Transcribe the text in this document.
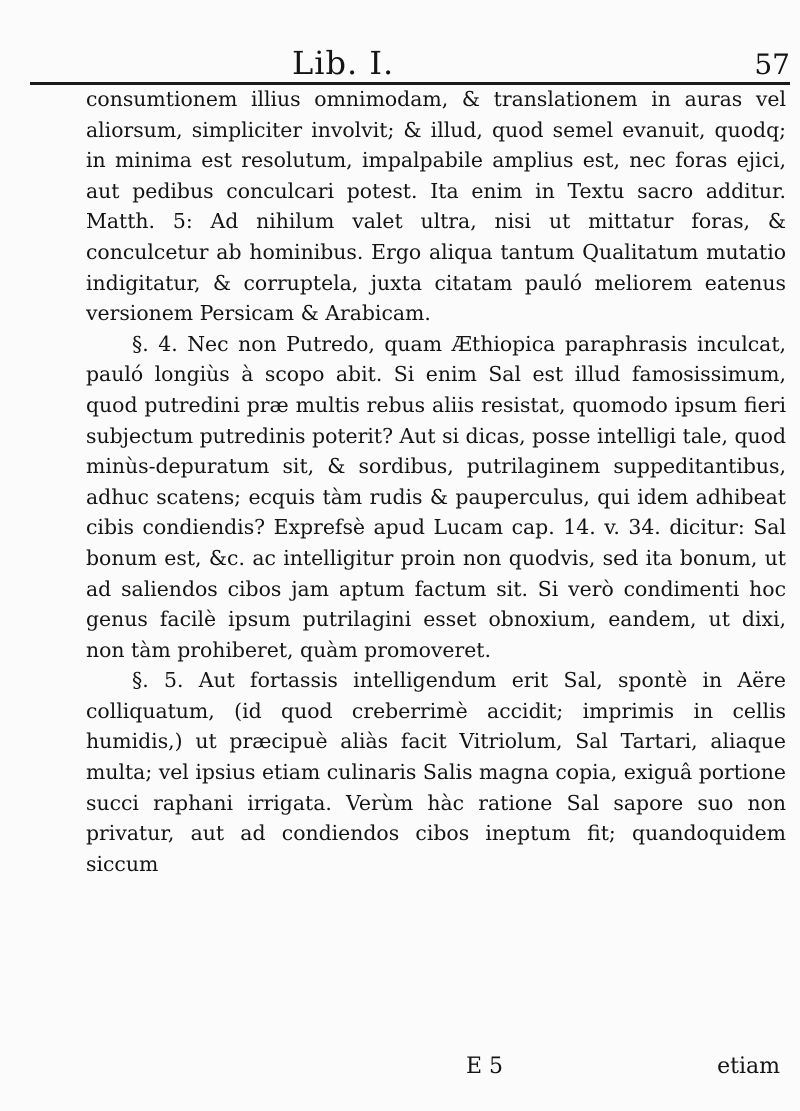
Lib. I.	57

consumtionem illius omnimodam, & translationem in auras vel aliorsum, simpliciter involvit; & illud, quod semel evanuit, quodq; in minima est resolutum, impalpabile amplius est, nec foras ejici, aut pedibus conculcari potest. Ita enim in Textu sacro additur. Matth. 5: Ad nihilum valet ultra, nisi ut mittatur foras, & conculcetur ab hominibus. Ergo aliqua tantum Qualitatum mutatio indigitatur, & corruptela, juxta citatam pauló meliorem eatenus versionem Persicam & Arabicam.

§. 4. Nec non Putredo, quam Æthiopica paraphrasis inculcat, pauló longiùs à scopo abit. Si enim Sal est illud famosissimum, quod putredini præ multis rebus aliis resistat, quomodo ipsum fieri subjectum putredinis poterit? Aut si dicas, posse intelligi tale, quod minùs-depuratum sit, & sordibus, putrilaginem suppeditantibus, adhuc scatens; ecquis tàm rudis & pauperculus, qui idem adhibeat cibis condiendis? Exprefsè apud Lucam cap. 14. v. 34. dicitur: Sal bonum est, &c. ac intelligitur proin non quodvis, sed ita bonum, ut ad saliendos cibos jam aptum factum sit. Si verò condimenti hoc genus facilè ipsum putrilagini esset obnoxium, eandem, ut dixi, non tàm prohiberet, quàm promoveret.

§. 5. Aut fortassis intelligendum erit Sal, spontè in Aëre colliquatum, (id quod creberrimè accidit; imprimis in cellis humidis,) ut præcipuè aliàs facit Vitriolum, Sal Tartari, aliaque multa; vel ipsius etiam culinaris Salis magna copia, exiguâ portione succi raphani irrigata. Verùm hàc ratione Sal sapore suo non privatur, aut ad condiendos cibos ineptum fit; quandoquidem siccum

E 5	etiam
